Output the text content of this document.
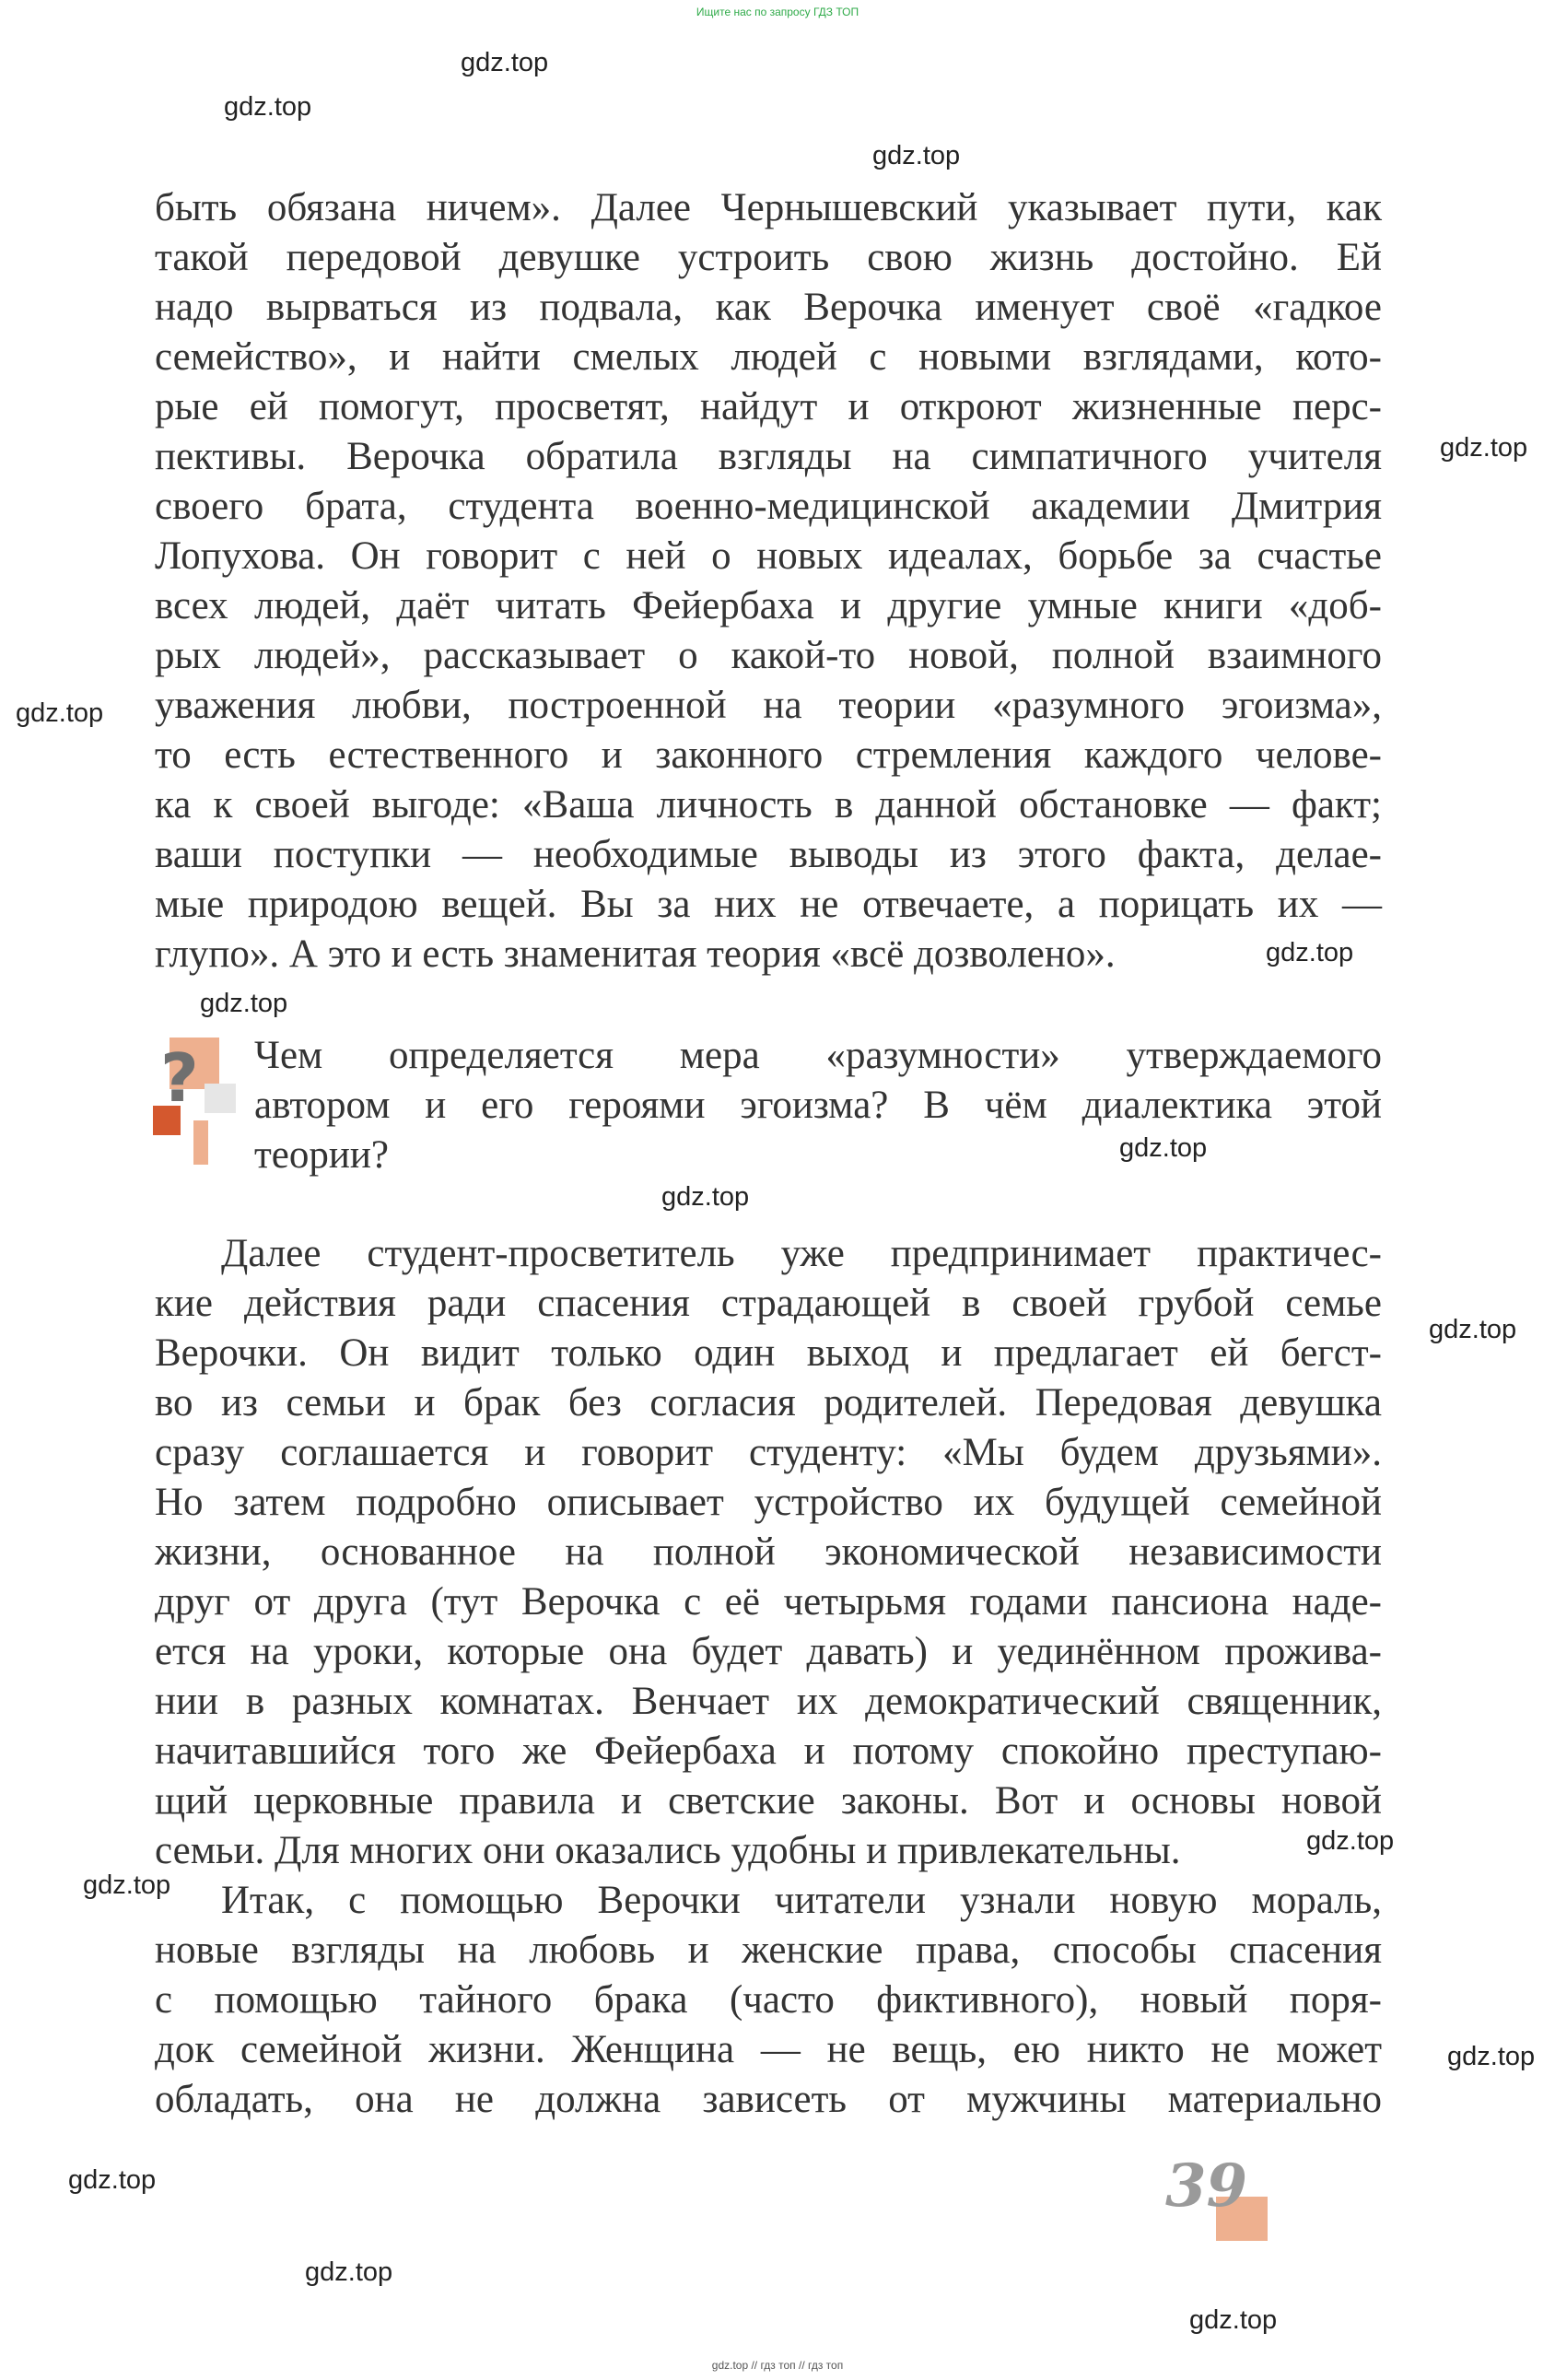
Ищите нас по запросу ГДЗ ТОП
gdz.top
gdz.top
gdz.top
gdz.top
gdz.top
gdz.top
gdz.top
gdz.top
gdz.top
gdz.top
gdz.top
gdz.top
gdz.top
gdz.top
gdz.top
gdz.top
быть обязана ничем». Далее Чернышевский указывает пути, как
такой передовой девушке устроить свою жизнь достойно. Ей
надо вырваться из подвала, как Верочка именует своё «гадкое
семейство», и найти смелых людей с новыми взглядами, кото-
рые ей помогут, просветят, найдут и откроют жизненные перс-
пективы. Верочка обратила взгляды на симпатичного учителя
своего брата, студента военно-медицинской академии Дмитрия
Лопухова. Он говорит с ней о новых идеалах, борьбе за счастье
всех людей, даёт читать Фейербаха и другие умные книги «доб-
рых людей», рассказывает о какой-то новой, полной взаимного
уважения любви, построенной на теории «разумного эгоизма»,
то есть естественного и законного стремления каждого челове-
ка к своей выгоде: «Ваша личность в данной обстановке — факт;
ваши поступки — необходимые выводы из этого факта, делае-
мые природою вещей. Вы за них не отвечаете, а порицать их —
глупо». А это и есть знаменитая теория «всё дозволено».
? Чем определяется мера «разумности» утверждаемого
автором и его героями эгоизма? В чём диалектика этой
теории?
Далее студент-просветитель уже предпринимает практичес-
кие действия ради спасения страдающей в своей грубой семье
Верочки. Он видит только один выход и предлагает ей бегст-
во из семьи и брак без согласия родителей. Передовая девушка
сразу соглашается и говорит студенту: «Мы будем друзьями».
Но затем подробно описывает устройство их будущей семейной
жизни, основанное на полной экономической независимости
друг от друга (тут Верочка с её четырьмя годами пансиона наде-
ется на уроки, которые она будет давать) и уединённом прожива-
нии в разных комнатах. Венчает их демократический священник,
начитавшийся того же Фейербаха и потому спокойно преступаю-
щий церковные правила и светские законы. Вот и основы новой
семьи. Для многих они оказались удобны и привлекательны.
Итак, с помощью Верочки читатели узнали новую мораль,
новые взгляды на любовь и женские права, способы спасения
с помощью тайного брака (часто фиктивного), новый поря-
док семейной жизни. Женщина — не вещь, ею никто не может
обладать, она не должна зависеть от мужчины материально
39
gdz.top // гдз топ // гдз топ
